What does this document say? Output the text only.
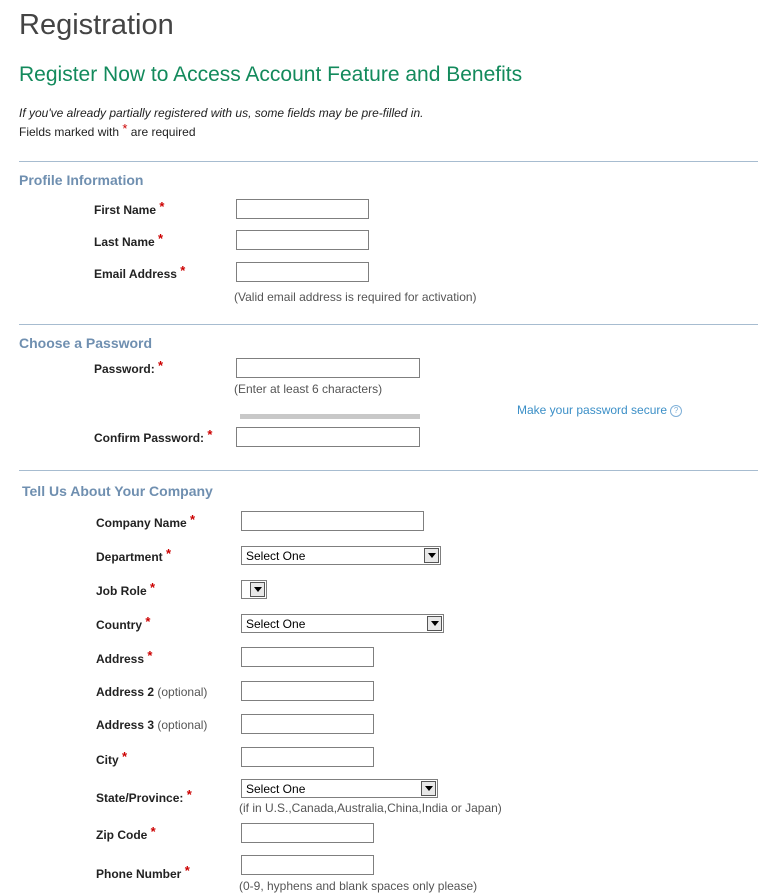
Registration
Register Now to Access Account Feature and Benefits
If you've already partially registered with us, some fields may be pre-filled in.
Fields marked with * are required
Profile Information
First Name *
Last Name *
Email Address *
(Valid email address is required for activation)
Choose a Password
Password: *
(Enter at least 6 characters)
Make your password secure ?
Confirm Password: *
Tell Us About Your Company
Company Name *
Department *	Select One
Job Role *
Country *	Select One
Address *
Address 2 (optional)
Address 3 (optional)
City *
State/Province: *	Select One
(if in U.S.,Canada,Australia,China,India or Japan)
Zip Code *
Phone Number *
(0-9, hyphens and blank spaces only please)
